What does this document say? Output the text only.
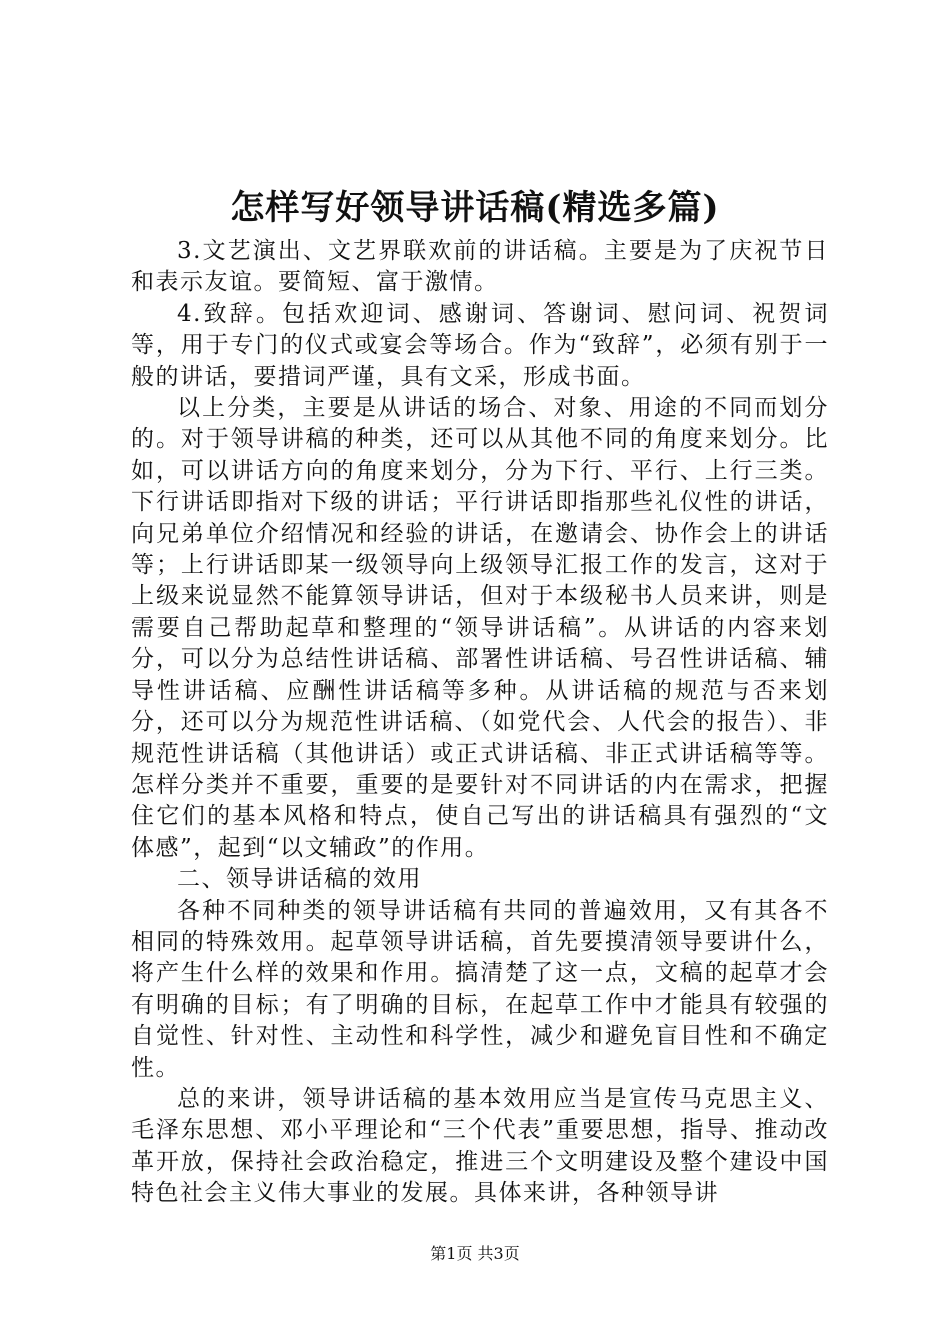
怎样写好领导讲话稿(精选多篇)

3.文艺演出、文艺界联欢前的讲话稿。主要是为了庆祝节日和表示友谊。要简短、富于激情。

4.致辞。包括欢迎词、感谢词、答谢词、慰问词、祝贺词等，用于专门的仪式或宴会等场合。作为“致辞”，必须有别于一般的讲话，要措词严谨，具有文采，形成书面。

以上分类，主要是从讲话的场合、对象、用途的不同而划分的。对于领导讲稿的种类，还可以从其他不同的角度来划分。比如，可以讲话方向的角度来划分，分为下行、平行、上行三类。下行讲话即指对下级的讲话；平行讲话即指那些礼仪性的讲话，向兄弟单位介绍情况和经验的讲话，在邀请会、协作会上的讲话等；上行讲话即某一级领导向上级领导汇报工作的发言，这对于上级来说显然不能算领导讲话，但对于本级秘书人员来讲，则是需要自己帮助起草和整理的“领导讲话稿”。从讲话的内容来划分，可以分为总结性讲话稿、部署性讲话稿、号召性讲话稿、辅导性讲话稿、应酬性讲话稿等多种。从讲话稿的规范与否来划分，还可以分为规范性讲话稿、（如党代会、人代会的报告）、非规范性讲话稿（其他讲话）或正式讲话稿、非正式讲话稿等等。怎样分类并不重要，重要的是要针对不同讲话的内在需求，把握住它们的基本风格和特点，使自己写出的讲话稿具有强烈的“文体感”，起到“以文辅政”的作用。

二、领导讲话稿的效用

各种不同种类的领导讲话稿有共同的普遍效用，又有其各不相同的特殊效用。起草领导讲话稿，首先要摸清领导要讲什么，将产生什么样的效果和作用。搞清楚了这一点，文稿的起草才会有明确的目标；有了明确的目标，在起草工作中才能具有较强的自觉性、针对性、主动性和科学性，减少和避免盲目性和不确定性。

总的来讲，领导讲话稿的基本效用应当是宣传马克思主义、毛泽东思想、邓小平理论和“三个代表”重要思想，指导、推动改革开放，保持社会政治稳定，推进三个文明建设及整个建设中国特色社会主义伟大事业的发展。具体来讲，各种领导讲

第1页 共3页
